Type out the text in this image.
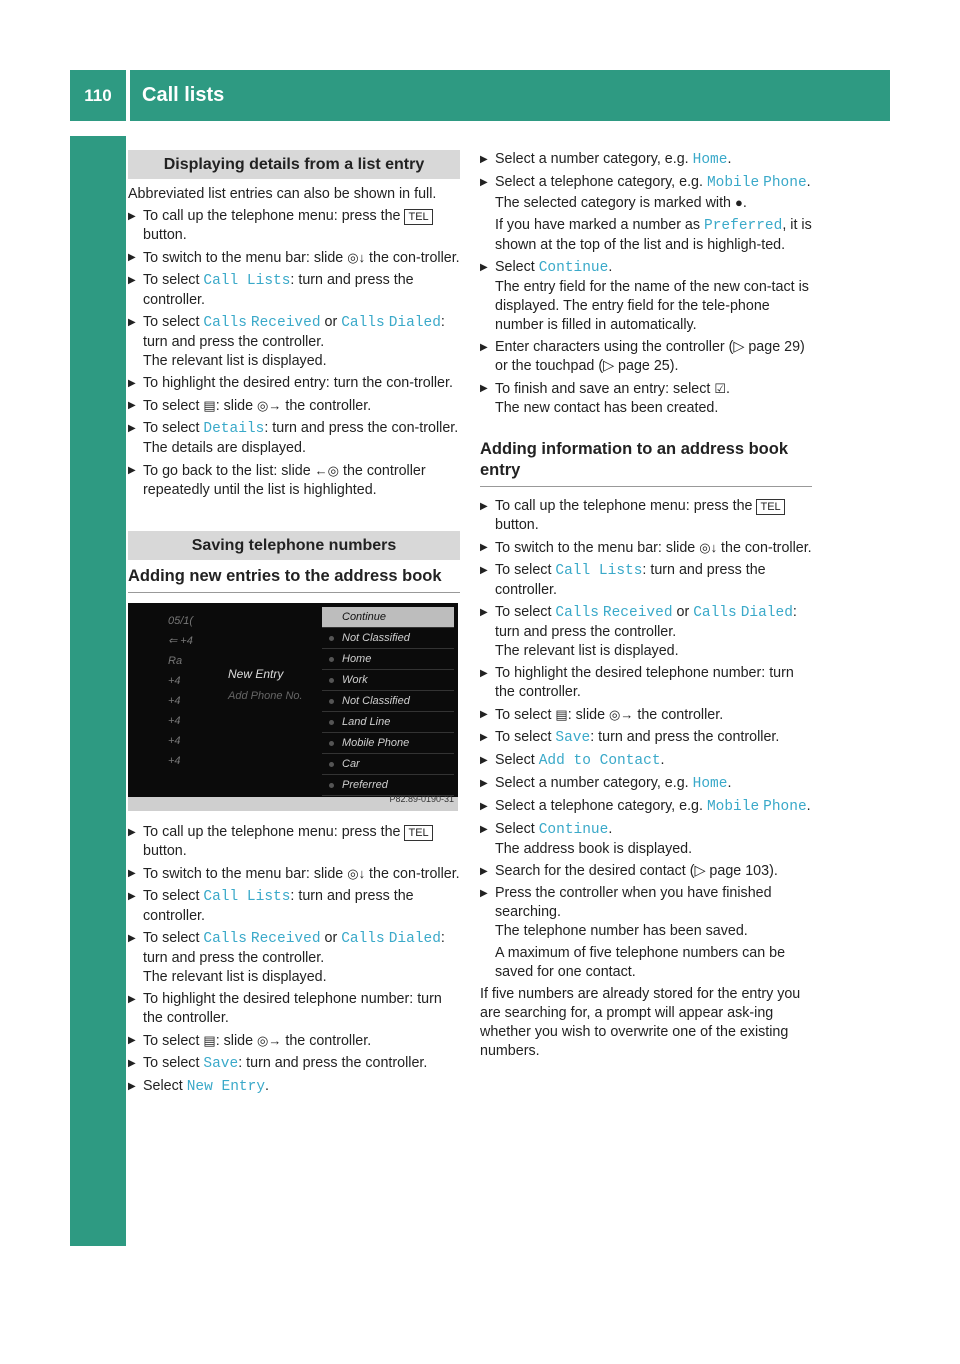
110	Call lists
Telephone
Displaying details from a list entry

Abbreviated list entries can also be shown in full.

▶ To call up the telephone menu: press the TEL button.
▶ To switch to the menu bar: slide ◎↓ the con-troller.
▶ To select Call Lists: turn and press the controller.
▶ To select Calls Received or Calls Dialed: turn and press the controller.
The relevant list is displayed.
▶ To highlight the desired entry: turn the con-troller.
▶ To select ▤: slide ◎→ the controller.
▶ To select Details: turn and press the con-troller.
The details are displayed.
▶ To go back to the list: slide ←◎ the controller repeatedly until the list is highlighted.
Saving telephone numbers
Adding new entries to the address book
05/1(
⇐ +4
Ra
+4
+4
+4
+4
+4
New Entry
Add Phone No.
Continue
Not Classified
Home
Work
Not Classified
Land Line
Mobile Phone
Car
Preferred
P82.89-0190-31
▶ To call up the telephone menu: press the TEL button.
▶ To switch to the menu bar: slide ◎↓ the con-troller.
▶ To select Call Lists: turn and press the controller.
▶ To select Calls Received or Calls Dialed: turn and press the controller.
The relevant list is displayed.
▶ To highlight the desired telephone number: turn the controller.
▶ To select ▤: slide ◎→ the controller.
▶ To select Save: turn and press the controller.
▶ Select New Entry.
▶ Select a number category, e.g. Home.
▶ Select a telephone category, e.g. Mobile Phone.
The selected category is marked with ●.

If you have marked a number as Preferred, it is shown at the top of the list and is highligh-ted.

▶ Select Continue.
The entry field for the name of the new con-tact is displayed. The entry field for the tele-phone number is filled in automatically.
▶ Enter characters using the controller (▷ page 29) or the touchpad (▷ page 25).
▶ To finish and save an entry: select ☑.
The new contact has been created.
Adding information to an address book entry
▶ To call up the telephone menu: press the TEL button.
▶ To switch to the menu bar: slide ◎↓ the con-troller.
▶ To select Call Lists: turn and press the controller.
▶ To select Calls Received or Calls Dialed: turn and press the controller.
The relevant list is displayed.
▶ To highlight the desired telephone number: turn the controller.
▶ To select ▤: slide ◎→ the controller.
▶ To select Save: turn and press the controller.
▶ Select Add to Contact.
▶ Select a number category, e.g. Home.
▶ Select a telephone category, e.g. Mobile Phone.
▶ Select Continue.
The address book is displayed.
▶ Search for the desired contact (▷ page 103).
▶ Press the controller when you have finished searching.
The telephone number has been saved.

A maximum of five telephone numbers can be saved for one contact.

If five numbers are already stored for the entry you are searching for, a prompt will appear ask-ing whether you wish to overwrite one of the existing numbers.
